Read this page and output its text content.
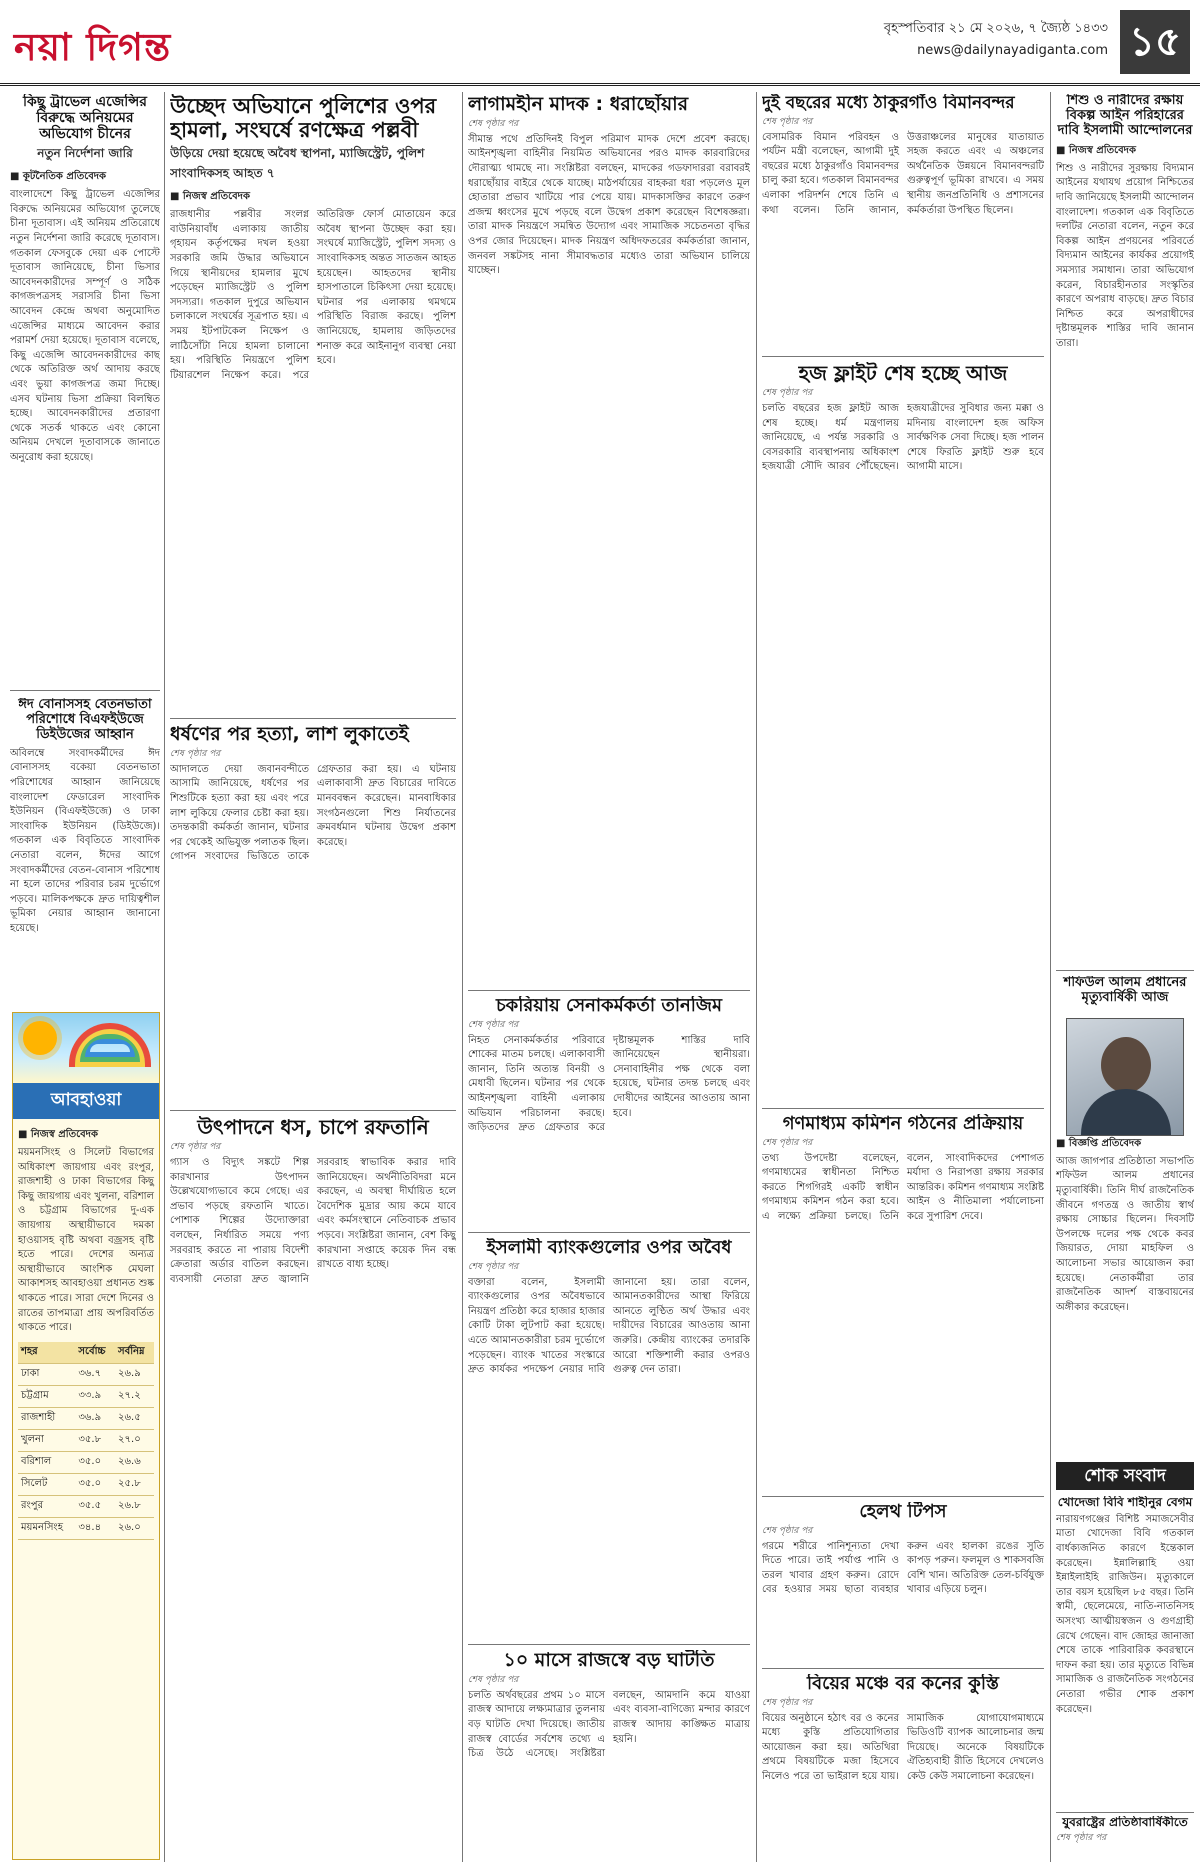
নয়া দিগন্ত	বৃহস্পতিবার ২১ মে ২০২৬, ৭ জ্যৈষ্ঠ ১৪৩৩
news@dailynayadiganta.com ১৫
কিছু ট্রাভেল এজেন্সির বিরুদ্ধে অনিয়মের অভিযোগ চীনের
নতুন নির্দেশনা জারি
■ কূটনৈতিক প্রতিবেদক
বাংলাদেশে কিছু ট্রাভেল এজেন্সির বিরুদ্ধে অনিয়মের অভিযোগ তুলেছে চীনা দূতাবাস। এই অনিয়ম প্রতিরোধে নতুন নির্দেশনা জারি করেছে দূতাবাস। গতকাল ফেসবুকে দেয়া এক পোস্টে দূতাবাস জানিয়েছে, চীনা ভিসার আবেদনকারীদের সম্পূর্ণ ও সঠিক কাগজপত্রসহ সরাসরি চীনা ভিসা আবেদন কেন্দ্রে অথবা অনুমোদিত এজেন্সির মাধ্যমে আবেদন করার পরামর্শ দেয়া হয়েছে। দূতাবাস বলেছে, কিছু এজেন্সি আবেদনকারীদের কাছ থেকে অতিরিক্ত অর্থ আদায় করছে এবং ভুয়া কাগজপত্র জমা দিচ্ছে। এসব ঘটনায় ভিসা প্রক্রিয়া বিলম্বিত হচ্ছে। আবেদনকারীদের প্রতারণা থেকে সতর্ক থাকতে এবং কোনো অনিয়ম দেখলে দূতাবাসকে জানাতে অনুরোধ করা হয়েছে।
ঈদ বোনাসসহ বেতনভাতা পরিশোধে বিএফইউজে ডিইউজের আহ্বান
অবিলম্বে সংবাদকর্মীদের ঈদ বোনাসসহ বকেয়া বেতনভাতা পরিশোধের আহ্বান জানিয়েছে বাংলাদেশ ফেডারেল সাংবাদিক ইউনিয়ন (বিএফইউজে) ও ঢাকা সাংবাদিক ইউনিয়ন (ডিইউজে)। গতকাল এক বিবৃতিতে সাংবাদিক নেতারা বলেন, ঈদের আগে সংবাদকর্মীদের বেতন-বোনাস পরিশোধ না হলে তাদের পরিবার চরম দুর্ভোগে পড়বে। মালিকপক্ষকে দ্রুত দায়িত্বশীল ভূমিকা নেয়ার আহ্বান জানানো হয়েছে।
আবহাওয়া
■ নিজস্ব প্রতিবেদক
ময়মনসিংহ ও সিলেট বিভাগের অধিকাংশ জায়গায় এবং রংপুর, রাজশাহী ও ঢাকা বিভাগের কিছু কিছু জায়গায় এবং খুলনা, বরিশাল ও চট্টগ্রাম বিভাগের দু-এক জায়গায় অস্থায়ীভাবে দমকা হাওয়াসহ বৃষ্টি অথবা বজ্রসহ বৃষ্টি হতে পারে। দেশের অন্যত্র অস্থায়ীভাবে আংশিক মেঘলা আকাশসহ আবহাওয়া প্রধানত শুষ্ক থাকতে পারে। সারা দেশে দিনের ও রাতের তাপমাত্রা প্রায় অপরিবর্তিত থাকতে পারে।
শহর	সর্বোচ্চ	সর্বনিম্ন
ঢাকা	৩৬.৭	২৬.৯
চট্টগ্রাম	৩৩.৯	২৭.২
রাজশাহী	৩৬.৯	২৬.৫
খুলনা	৩৫.৮	২৭.০
বরিশাল	৩৫.০	২৬.৬
সিলেট	৩৫.০	২৫.৮
রংপুর	৩৫.৫	২৬.৮
ময়মনসিংহ	৩৪.৪	২৬.০
উচ্ছেদ অভিযানে পুলিশের ওপর হামলা, সংঘর্ষে রণক্ষেত্র পল্লবী
উড়িয়ে দেয়া হয়েছে অবৈধ স্থাপনা, ম্যাজিস্ট্রেট, পুলিশ সাংবাদিকসহ আহত ৭
■ নিজস্ব প্রতিবেদক
রাজধানীর পল্লবীর সংলগ্ন বাউনিয়াবাঁধ এলাকায় জাতীয় গৃহায়ন কর্তৃপক্ষের দখল হওয়া সরকারি জমি উদ্ধার অভিযানে গিয়ে স্থানীয়দের হামলার মুখে পড়েছেন ম্যাজিস্ট্রেট ও পুলিশ সদস্যরা। গতকাল দুপুরে অভিযান চলাকালে সংঘর্ষের সূত্রপাত হয়। এ সময় ইটপাটকেল নিক্ষেপ ও লাঠিসোঁটা নিয়ে হামলা চালানো হয়। পরিস্থিতি নিয়ন্ত্রণে পুলিশ টিয়ারশেল নিক্ষেপ করে। পরে অতিরিক্ত ফোর্স মোতায়েন করে অবৈধ স্থাপনা উচ্ছেদ করা হয়। সংঘর্ষে ম্যাজিস্ট্রেট, পুলিশ সদস্য ও সাংবাদিকসহ অন্তত সাতজন আহত হয়েছেন। আহতদের স্থানীয় হাসপাতালে চিকিৎসা দেয়া হয়েছে। ঘটনার পর এলাকায় থমথমে পরিস্থিতি বিরাজ করছে। পুলিশ জানিয়েছে, হামলায় জড়িতদের শনাক্ত করে আইনানুগ ব্যবস্থা নেয়া হবে।
ধর্ষণের পর হত্যা, লাশ লুকাতেই
শেষ পৃষ্ঠার পর
আদালতে দেয়া জবানবন্দীতে আসামি জানিয়েছে, ধর্ষণের পর শিশুটিকে হত্যা করা হয় এবং পরে লাশ লুকিয়ে ফেলার চেষ্টা করা হয়। তদন্তকারী কর্মকর্তা জানান, ঘটনার পর থেকেই অভিযুক্ত পলাতক ছিল। গোপন সংবাদের ভিত্তিতে তাকে গ্রেফতার করা হয়। এ ঘটনায় এলাকাবাসী দ্রুত বিচারের দাবিতে মানববন্ধন করেছেন। মানবাধিকার সংগঠনগুলো শিশু নির্যাতনের ক্রমবর্ধমান ঘটনায় উদ্বেগ প্রকাশ করেছে।
উৎপাদনে ধস, চাপে রফতানি
শেষ পৃষ্ঠার পর
গ্যাস ও বিদ্যুৎ সঙ্কটে শিল্প কারখানার উৎপাদন উল্লেখযোগ্যভাবে কমে গেছে। এর প্রভাব পড়ছে রফতানি খাতে। পোশাক শিল্পের উদ্যোক্তারা বলছেন, নির্ধারিত সময়ে পণ্য সরবরাহ করতে না পারায় বিদেশী ক্রেতারা অর্ডার বাতিল করছেন। ব্যবসায়ী নেতারা দ্রুত জ্বালানি সরবরাহ স্বাভাবিক করার দাবি জানিয়েছেন। অর্থনীতিবিদরা মনে করছেন, এ অবস্থা দীর্ঘায়িত হলে বৈদেশিক মুদ্রার আয় কমে যাবে এবং কর্মসংস্থানে নেতিবাচক প্রভাব পড়বে। সংশ্লিষ্টরা জানান, বেশ কিছু কারখানা সপ্তাহে কয়েক দিন বন্ধ রাখতে বাধ্য হচ্ছে।
লাগামহীন মাদক : ধরাছোঁয়ার
শেষ পৃষ্ঠার পর
সীমান্ত পথে প্রতিদিনই বিপুল পরিমাণ মাদক দেশে প্রবেশ করছে। আইনশৃঙ্খলা বাহিনীর নিয়মিত অভিযানের পরও মাদক কারবারিদের দৌরাত্ম্য থামছে না। সংশ্লিষ্টরা বলছেন, মাদকের গডফাদাররা বরাবরই ধরাছোঁয়ার বাইরে থেকে যাচ্ছে। মাঠপর্যায়ের বাহকরা ধরা পড়লেও মূল হোতারা প্রভাব খাটিয়ে পার পেয়ে যায়। মাদকাসক্তির কারণে তরুণ প্রজন্ম ধ্বংসের মুখে পড়ছে বলে উদ্বেগ প্রকাশ করেছেন বিশেষজ্ঞরা। তারা মাদক নিয়ন্ত্রণে সমন্বিত উদ্যোগ এবং সামাজিক সচেতনতা বৃদ্ধির ওপর জোর দিয়েছেন। মাদক নিয়ন্ত্রণ অধিদফতরের কর্মকর্তারা জানান, জনবল সঙ্কটসহ নানা সীমাবদ্ধতার মধ্যেও তারা অভিযান চালিয়ে যাচ্ছেন।
চকরিয়ায় সেনাকর্মকর্তা তানজিম
শেষ পৃষ্ঠার পর
নিহত সেনাকর্মকর্তার পরিবারে শোকের মাতম চলছে। এলাকাবাসী জানান, তিনি অত্যন্ত বিনয়ী ও মেধাবী ছিলেন। ঘটনার পর থেকে আইনশৃঙ্খলা বাহিনী এলাকায় অভিযান পরিচালনা করছে। জড়িতদের দ্রুত গ্রেফতার করে দৃষ্টান্তমূলক শাস্তির দাবি জানিয়েছেন স্থানীয়রা। সেনাবাহিনীর পক্ষ থেকে বলা হয়েছে, ঘটনার তদন্ত চলছে এবং দোষীদের আইনের আওতায় আনা হবে।
ইসলামী ব্যাংকগুলোর ওপর অবৈধ
শেষ পৃষ্ঠার পর
বক্তারা বলেন, ইসলামী ব্যাংকগুলোর ওপর অবৈধভাবে নিয়ন্ত্রণ প্রতিষ্ঠা করে হাজার হাজার কোটি টাকা লুটপাট করা হয়েছে। এতে আমানতকারীরা চরম দুর্ভোগে পড়েছেন। ব্যাংক খাতের সংস্কারে দ্রুত কার্যকর পদক্ষেপ নেয়ার দাবি জানানো হয়। তারা বলেন, আমানতকারীদের আস্থা ফিরিয়ে আনতে লুণ্ঠিত অর্থ উদ্ধার এবং দায়ীদের বিচারের আওতায় আনা জরুরি। কেন্দ্রীয় ব্যাংকের তদারকি আরো শক্তিশালী করার ওপরও গুরুত্ব দেন তারা।
১০ মাসে রাজস্বে বড় ঘাটতি
শেষ পৃষ্ঠার পর
চলতি অর্থবছরের প্রথম ১০ মাসে রাজস্ব আদায়ে লক্ষ্যমাত্রার তুলনায় বড় ঘাটতি দেখা দিয়েছে। জাতীয় রাজস্ব বোর্ডের সর্বশেষ তথ্যে এ চিত্র উঠে এসেছে। সংশ্লিষ্টরা বলছেন, আমদানি কমে যাওয়া এবং ব্যবসা-বাণিজ্যে মন্দার কারণে রাজস্ব আদায় কাঙ্ক্ষিত মাত্রায় হয়নি।
দুই বছরের মধ্যে ঠাকুরগাঁও বিমানবন্দর
শেষ পৃষ্ঠার পর
বেসামরিক বিমান পরিবহন ও পর্যটন মন্ত্রী বলেছেন, আগামী দুই বছরের মধ্যে ঠাকুরগাঁও বিমানবন্দর চালু করা হবে। গতকাল বিমানবন্দর এলাকা পরিদর্শন শেষে তিনি এ কথা বলেন। তিনি জানান, উত্তরাঞ্চলের মানুষের যাতায়াত সহজ করতে এবং এ অঞ্চলের অর্থনৈতিক উন্নয়নে বিমানবন্দরটি গুরুত্বপূর্ণ ভূমিকা রাখবে। এ সময় স্থানীয় জনপ্রতিনিধি ও প্রশাসনের কর্মকর্তারা উপস্থিত ছিলেন।
হজ ফ্লাইট শেষ হচ্ছে আজ
শেষ পৃষ্ঠার পর
চলতি বছরের হজ ফ্লাইট আজ শেষ হচ্ছে। ধর্ম মন্ত্রণালয় জানিয়েছে, এ পর্যন্ত সরকারি ও বেসরকারি ব্যবস্থাপনায় অধিকাংশ হজযাত্রী সৌদি আরব পৌঁছেছেন। হজযাত্রীদের সুবিধার জন্য মক্কা ও মদিনায় বাংলাদেশ হজ অফিস সার্বক্ষণিক সেবা দিচ্ছে। হজ পালন শেষে ফিরতি ফ্লাইট শুরু হবে আগামী মাসে।
গণমাধ্যম কমিশন গঠনের প্রক্রিয়ায়
শেষ পৃষ্ঠার পর
তথ্য উপদেষ্টা বলেছেন, গণমাধ্যমের স্বাধীনতা নিশ্চিত করতে শিগগিরই একটি স্বাধীন গণমাধ্যম কমিশন গঠন করা হবে। এ লক্ষ্যে প্রক্রিয়া চলছে। তিনি বলেন, সাংবাদিকদের পেশাগত মর্যাদা ও নিরাপত্তা রক্ষায় সরকার আন্তরিক। কমিশন গণমাধ্যম সংশ্লিষ্ট আইন ও নীতিমালা পর্যালোচনা করে সুপারিশ দেবে।
হেলথ টিপস
শেষ পৃষ্ঠার পর
গরমে শরীরে পানিশূন্যতা দেখা দিতে পারে। তাই পর্যাপ্ত পানি ও তরল খাবার গ্রহণ করুন। রোদে বের হওয়ার সময় ছাতা ব্যবহার করুন এবং হালকা রঙের সুতি কাপড় পরুন। ফলমূল ও শাকসবজি বেশি খান। অতিরিক্ত তেল-চর্বিযুক্ত খাবার এড়িয়ে চলুন।
বিয়ের মঞ্চে বর কনের কুস্তি
শেষ পৃষ্ঠার পর
বিয়ের অনুষ্ঠানে হঠাৎ বর ও কনের মধ্যে কুস্তি প্রতিযোগিতার আয়োজন করা হয়। অতিথিরা প্রথমে বিষয়টিকে মজা হিসেবে নিলেও পরে তা ভাইরাল হয়ে যায়। সামাজিক যোগাযোগমাধ্যমে ভিডিওটি ব্যাপক আলোচনার জন্ম দিয়েছে। অনেকে বিষয়টিকে ঐতিহ্যবাহী রীতি হিসেবে দেখলেও কেউ কেউ সমালোচনা করেছেন।
শিশু ও নারীদের রক্ষায় বিকল্প আইন পরিহারের দাবি ইসলামী আন্দোলনের
■ নিজস্ব প্রতিবেদক
শিশু ও নারীদের সুরক্ষায় বিদ্যমান আইনের যথাযথ প্রয়োগ নিশ্চিতের দাবি জানিয়েছে ইসলামী আন্দোলন বাংলাদেশ। গতকাল এক বিবৃতিতে দলটির নেতারা বলেন, নতুন করে বিকল্প আইন প্রণয়নের পরিবর্তে বিদ্যমান আইনের কার্যকর প্রয়োগই সমস্যার সমাধান। তারা অভিযোগ করেন, বিচারহীনতার সংস্কৃতির কারণে অপরাধ বাড়ছে। দ্রুত বিচার নিশ্চিত করে অপরাধীদের দৃষ্টান্তমূলক শাস্তির দাবি জানান তারা।
শফিউল আলম প্রধানের মৃত্যুবার্ষিকী আজ
■ বিজ্ঞপ্তি প্রতিবেদক
আজ জাগপার প্রতিষ্ঠাতা সভাপতি শফিউল আলম প্রধানের মৃত্যুবার্ষিকী। তিনি দীর্ঘ রাজনৈতিক জীবনে গণতন্ত্র ও জাতীয় স্বার্থ রক্ষায় সোচ্চার ছিলেন। দিবসটি উপলক্ষে দলের পক্ষ থেকে কবর জিয়ারত, দোয়া মাহফিল ও আলোচনা সভার আয়োজন করা হয়েছে। নেতাকর্মীরা তার রাজনৈতিক আদর্শ বাস্তবায়নের অঙ্গীকার করেছেন।
শোক সংবাদ
খোদেজা বিবি শাহীনুর বেগম
নারায়ণগঞ্জের বিশিষ্ট সমাজসেবীর মাতা খোদেজা বিবি গতকাল বার্ধক্যজনিত কারণে ইন্তেকাল করেছেন। ইন্নালিল্লাহি ওয়া ইন্নাইলাইহি রাজিউন। মৃত্যুকালে তার বয়স হয়েছিল ৮৫ বছর। তিনি স্বামী, ছেলেমেয়ে, নাতি-নাতনিসহ অসংখ্য আত্মীয়স্বজন ও গুণগ্রাহী রেখে গেছেন। বাদ জোহর জানাজা শেষে তাকে পারিবারিক কবরস্থানে দাফন করা হয়। তার মৃত্যুতে বিভিন্ন সামাজিক ও রাজনৈতিক সংগঠনের নেতারা গভীর শোক প্রকাশ করেছেন।
যুবরাষ্ট্রের প্রতিষ্ঠাবার্ষিকীতে
শেষ পৃষ্ঠার পর
